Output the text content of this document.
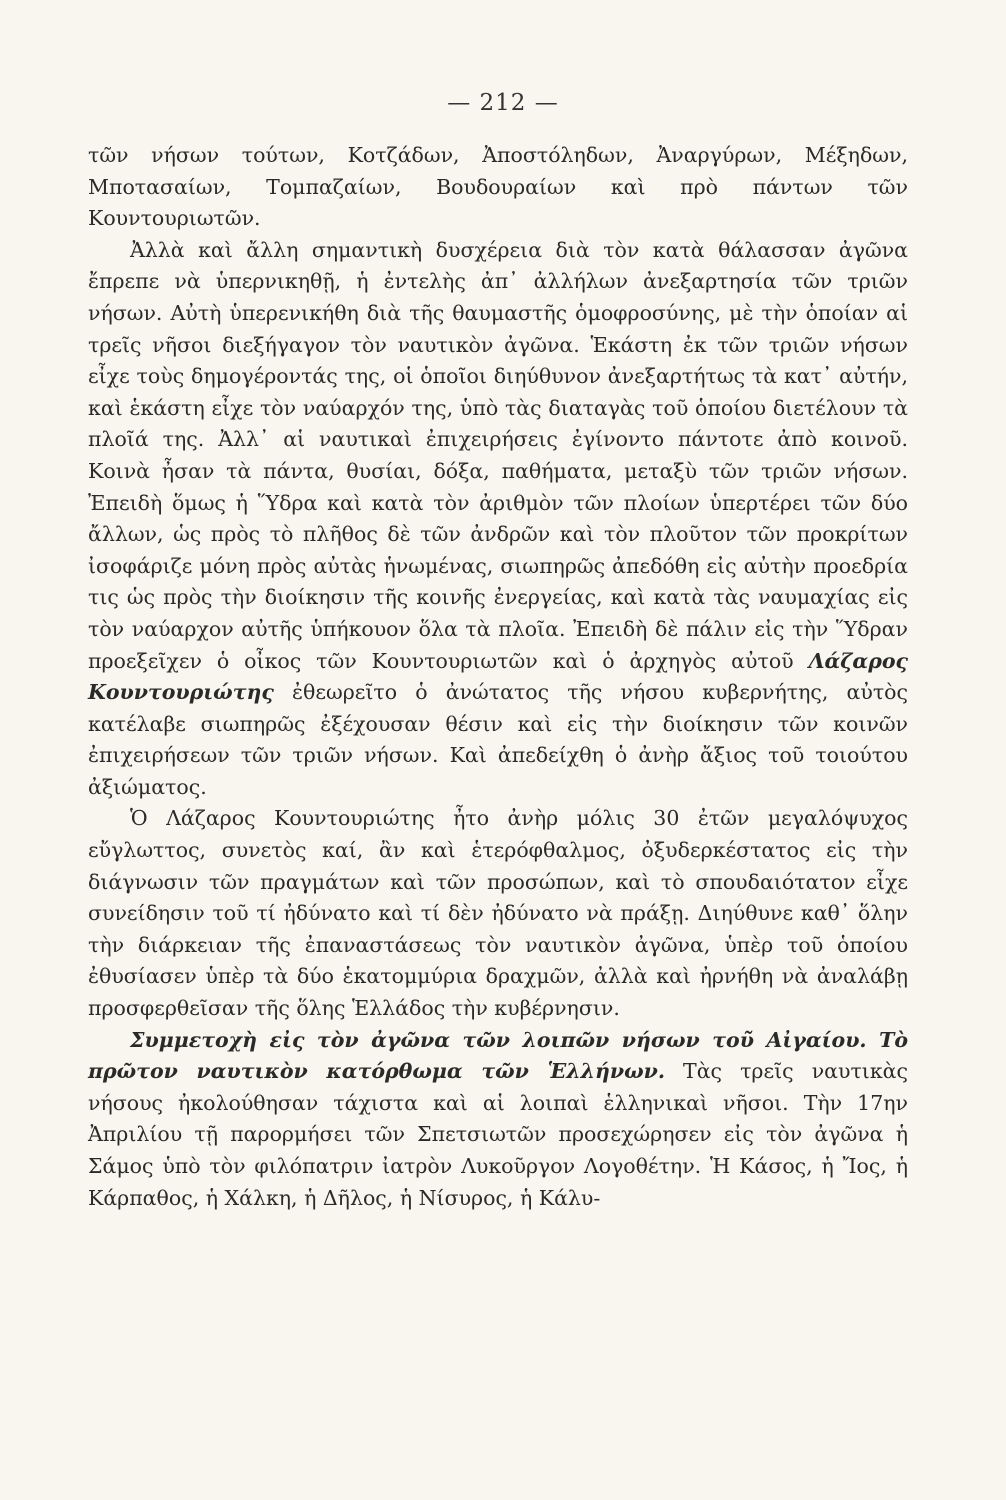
— 212 —

τῶν νήσων τούτων, Κοτζάδων, Ἀποστόληδων, Ἀναργύρων, Μέξηδων, Μποτασαίων, Τομπαζαίων, Βουδουραίων καὶ πρὸ πάντων τῶν Κουντουριωτῶν.

Ἀλλὰ καὶ ἄλλη σημαντικὴ δυσχέρεια διὰ τὸν κατὰ θάλασσαν ἀγῶνα ἔπρεπε νὰ ὑπερνικηθῇ, ἡ ἐντελὴς ἀπ᾽ ἀλλήλων ἀνεξαρτησία τῶν τριῶν νήσων. Αὐτὴ ὑπερενικήθη διὰ τῆς θαυμαστῆς ὁμοφροσύνης, μὲ τὴν ὁποίαν αἱ τρεῖς νῆσοι διεξήγαγον τὸν ναυτικὸν ἀγῶνα. Ἑκάστη ἐκ τῶν τριῶν νήσων εἶχε τοὺς δημογέροντάς της, οἱ ὁποῖοι διηύθυνον ἀνεξαρτήτως τὰ κατ᾽ αὐτήν, καὶ ἑκάστη εἶχε τὸν ναύαρχόν της, ὑπὸ τὰς διαταγὰς τοῦ ὁποίου διετέλουν τὰ πλοῖά της. Ἀλλ᾽ αἱ ναυτικαὶ ἐπιχειρήσεις ἐγίνοντο πάντοτε ἀπὸ κοινοῦ. Κοινὰ ἦσαν τὰ πάντα, θυσίαι, δόξα, παθήματα, μεταξὺ τῶν τριῶν νήσων. Ἐπειδὴ ὅμως ἡ Ὕδρα καὶ κατὰ τὸν ἀριθμὸν τῶν πλοίων ὑπερτέρει τῶν δύο ἄλλων, ὡς πρὸς τὸ πλῆθος δὲ τῶν ἀνδρῶν καὶ τὸν πλοῦτον τῶν προκρίτων ἰσοφάριζε μόνη πρὸς αὐτὰς ἡνωμένας, σιωπηρῶς ἀπεδόθη εἰς αὐτὴν προεδρία τις ὡς πρὸς τὴν διοίκησιν τῆς κοινῆς ἐνεργείας, καὶ κατὰ τὰς ναυμαχίας εἰς τὸν ναύαρχον αὐτῆς ὑπήκουον ὅλα τὰ πλοῖα. Ἐπειδὴ δὲ πάλιν εἰς τὴν Ὕδραν προεξεῖχεν ὁ οἶκος τῶν Κουντουριωτῶν καὶ ὁ ἀρχηγὸς αὐτοῦ Λάζαρος Κουντουριώτης ἐθεωρεῖτο ὁ ἀνώτατος τῆς νήσου κυβερνήτης, αὐτὸς κατέλαβε σιωπηρῶς ἐξέχουσαν θέσιν καὶ εἰς τὴν διοίκησιν τῶν κοινῶν ἐπιχειρήσεων τῶν τριῶν νήσων. Καὶ ἀπεδείχθη ὁ ἀνὴρ ἄξιος τοῦ τοιούτου ἀξιώματος.

Ὁ Λάζαρος Κουντουριώτης ἦτο ἀνὴρ μόλις 30 ἐτῶν μεγαλόψυχος εὔγλωττος, συνετὸς καί, ἂν καὶ ἑτερόφθαλμος, ὀξυδερκέστατος εἰς τὴν διάγνωσιν τῶν πραγμάτων καὶ τῶν προσώπων, καὶ τὸ σπουδαιότατον εἶχε συνείδησιν τοῦ τί ἠδύνατο καὶ τί δὲν ἠδύνατο νὰ πράξῃ. Διηύθυνε καθ᾽ ὅλην τὴν διάρκειαν τῆς ἐπαναστάσεως τὸν ναυτικὸν ἀγῶνα, ὑπὲρ τοῦ ὁποίου ἐθυσίασεν ὑπὲρ τὰ δύο ἑκατομμύρια δραχμῶν, ἀλλὰ καὶ ἠρνήθη νὰ ἀναλάβῃ προσφερθεῖσαν τῆς ὅλης Ἑλλάδος τὴν κυβέρνησιν.

Συμμετοχὴ εἰς τὸν ἀγῶνα τῶν λοιπῶν νήσων τοῦ Αἰγαίου. Τὸ πρῶτον ναυτικὸν κατόρθωμα τῶν Ἑλλήνων. Τὰς τρεῖς ναυτικὰς νήσους ἠκολούθησαν τάχιστα καὶ αἱ λοιπαὶ ἑλληνικαὶ νῆσοι. Τὴν 17ην Ἀπριλίου τῇ παρορμήσει τῶν Σπετσιωτῶν προσεχώρησεν εἰς τὸν ἀγῶνα ἡ Σάμος ὑπὸ τὸν φιλόπατριν ἰατρὸν Λυκοῦργον Λογοθέτην. Ἡ Κάσος, ἡ Ἴος, ἡ Κάρπαθος, ἡ Χάλκη, ἡ Δῆλος, ἡ Νίσυρος, ἡ Κάλυ-
